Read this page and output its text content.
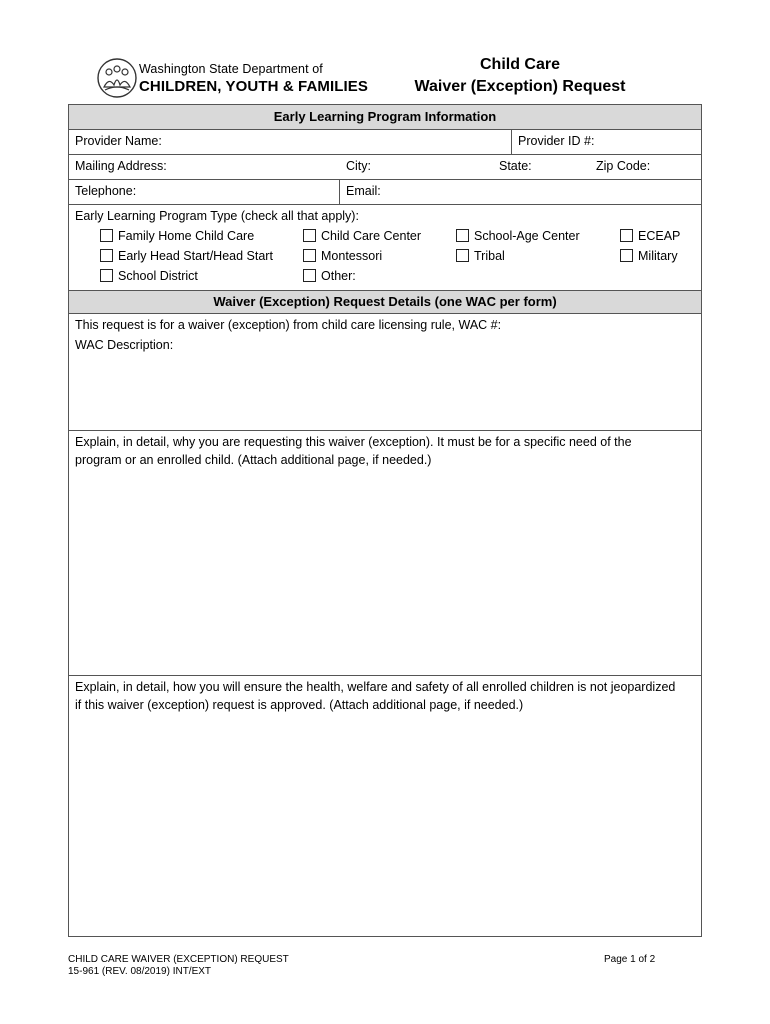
Washington State Department of
CHILDREN, YOUTH & FAMILIES
Child Care
Waiver (Exception) Request
Early Learning Program Information
Provider Name:	Provider ID #:
Mailing Address:	City:	State:	Zip Code:
Telephone:	Email:
Early Learning Program Type (check all that apply):
Family Home Child Care	Child Care Center	School-Age Center	ECEAP
Early Head Start/Head Start	Montessori	Tribal	Military
School District	Other:
Waiver (Exception) Request Details (one WAC per form)
This request is for a waiver (exception) from child care licensing rule, WAC #:
WAC Description:
Explain, in detail, why you are requesting this waiver (exception). It must be for a specific need of the
program or an enrolled child. (Attach additional page, if needed.)
Explain, in detail, how you will ensure the health, welfare and safety of all enrolled children is not jeopardized
if this waiver (exception) request is approved. (Attach additional page, if needed.)
CHILD CARE WAIVER (EXCEPTION) REQUEST
15-961 (REV. 08/2019) INT/EXT
Page 1 of 2
